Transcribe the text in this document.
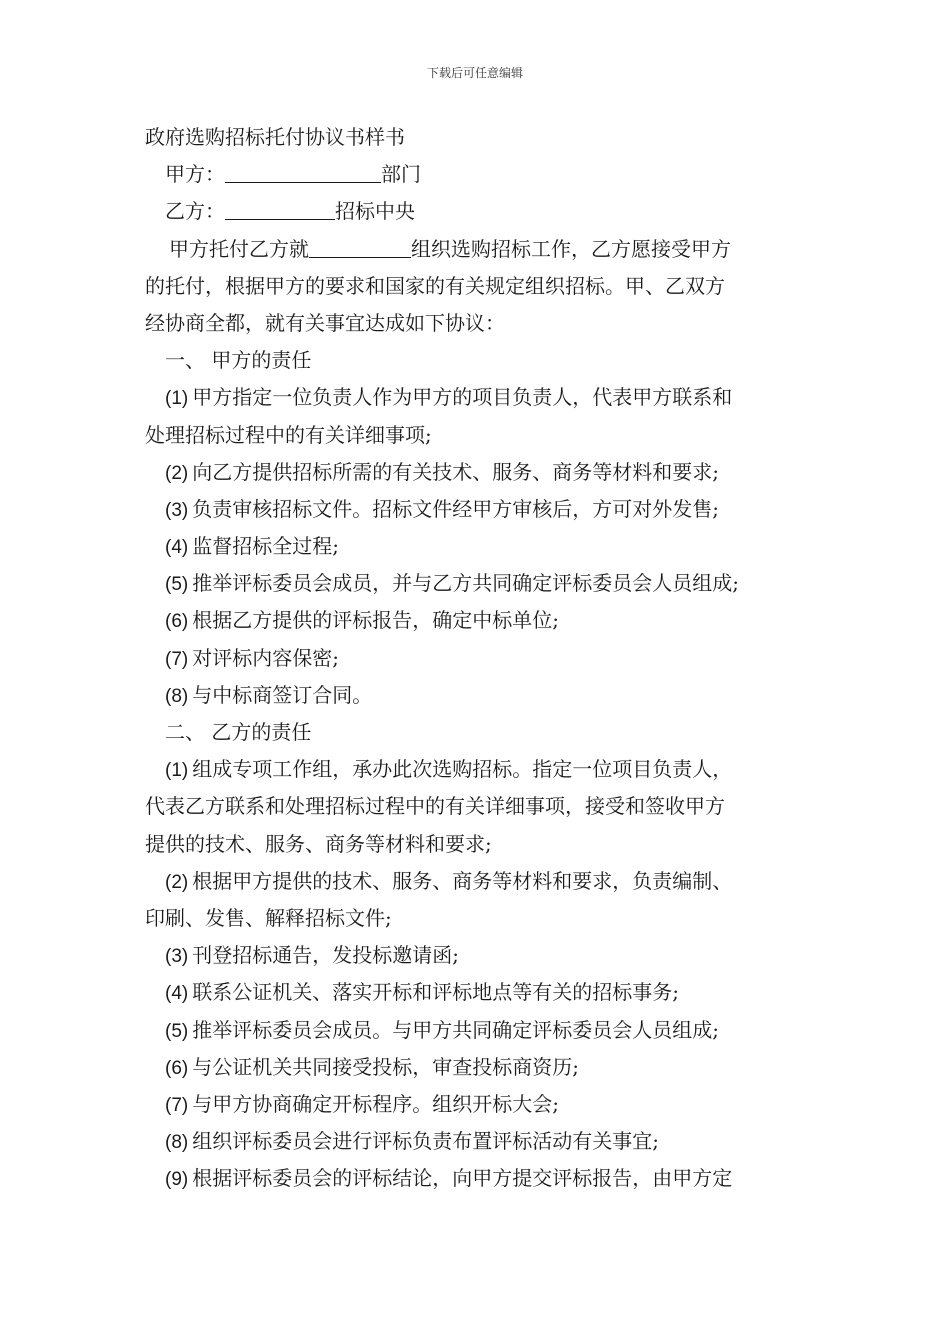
下载后可任意编辑
政府选购招标托付协议书样书
甲方：	部门
乙方：	招标中央
甲方托付乙方就	组织选购招标工作，乙方愿接受甲方
的托付，根据甲方的要求和国家的有关规定组织招标。甲、乙双方
经协商全都，就有关事宜达成如下协议：
一、 甲方的责任
(1) 甲方指定一位负责人作为甲方的项目负责人，代表甲方联系和
处理招标过程中的有关详细事项;
(2) 向乙方提供招标所需的有关技术、服务、商务等材料和要求;
(3) 负责审核招标文件。招标文件经甲方审核后，方可对外发售;
(4) 监督招标全过程;
(5) 推举评标委员会成员，并与乙方共同确定评标委员会人员组成;
(6) 根据乙方提供的评标报告，确定中标单位;
(7) 对评标内容保密;
(8) 与中标商签订合同。
二、 乙方的责任
(1) 组成专项工作组，承办此次选购招标。指定一位项目负责人，
代表乙方联系和处理招标过程中的有关详细事项，接受和签收甲方
提供的技术、服务、商务等材料和要求;
(2) 根据甲方提供的技术、服务、商务等材料和要求，负责编制、
印刷、发售、解释招标文件;
(3) 刊登招标通告，发投标邀请函;
(4) 联系公证机关、落实开标和评标地点等有关的招标事务;
(5) 推举评标委员会成员。与甲方共同确定评标委员会人员组成;
(6) 与公证机关共同接受投标，审查投标商资历;
(7) 与甲方协商确定开标程序。组织开标大会;
(8) 组织评标委员会进行评标负责布置评标活动有关事宜;
(9) 根据评标委员会的评标结论，向甲方提交评标报告，由甲方定
